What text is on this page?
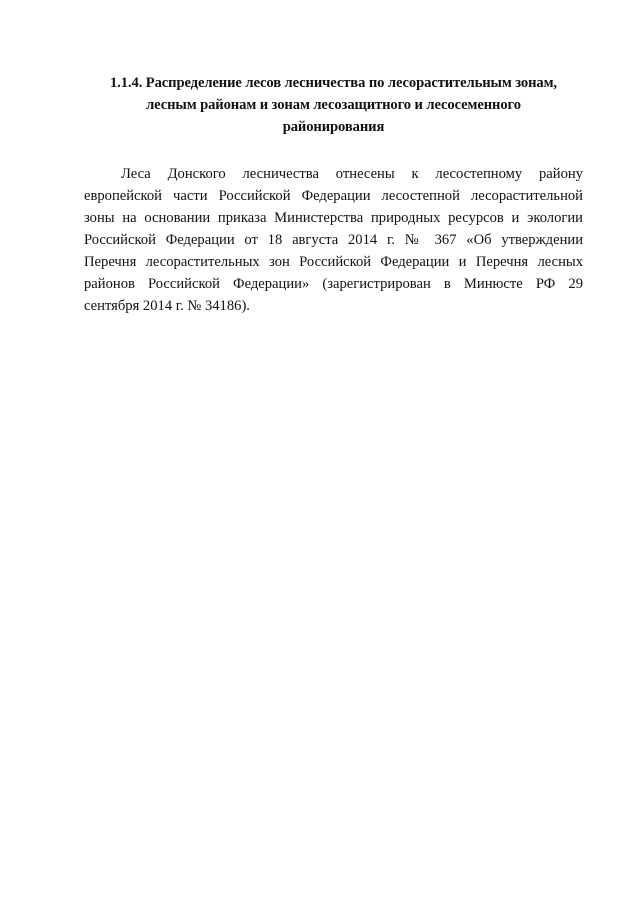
1.1.4. Распределение лесов лесничества по лесорастительным зонам,
лесным районам и зонам лесозащитного и лесосеменного
районирования

Леса Донского лесничества отнесены к лесостепному району
европейской части Российской Федерации лесостепной лесорастительной
зоны на основании приказа Министерства природных ресурсов и экологии
Российской Федерации от 18 августа 2014 г. № 367 «Об утверждении
Перечня лесорастительных зон Российской Федерации и Перечня лесных
районов Российской Федерации» (зарегистрирован в Минюсте РФ 29
сентября 2014 г. № 34186).
